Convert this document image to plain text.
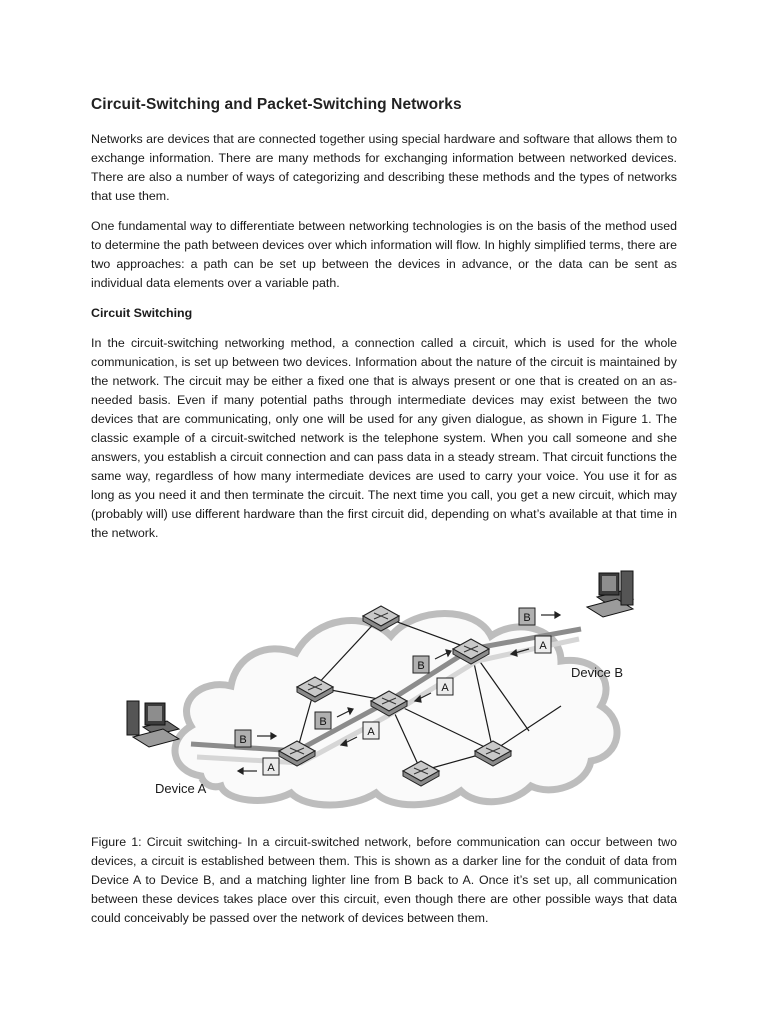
Circuit-Switching and Packet-Switching Networks

Networks are devices that are connected together using special hardware and software that allows them to exchange information. There are many methods for exchanging information between networked devices. There are also a number of ways of categorizing and describing these methods and the types of networks that use them.

One fundamental way to differentiate between networking technologies is on the basis of the method used to determine the path between devices over which information will flow. In highly simplified terms, there are two approaches: a path can be set up between the devices in advance, or the data can be sent as individual data elements over a variable path.

Circuit Switching

In the circuit-switching networking method, a connection called a circuit, which is used for the whole communication, is set up between two devices. Information about the nature of the circuit is maintained by the network. The circuit may be either a fixed one that is always present or one that is created on an as-needed basis. Even if many potential paths through intermediate devices may exist between the two devices that are communicating, only one will be used for any given dialogue, as shown in Figure 1. The classic example of a circuit-switched network is the telephone system. When you call someone and she answers, you establish a circuit connection and can pass data in a steady stream. That circuit functions the same way, regardless of how many intermediate devices are used to carry your voice. You use it for as long as you need it and then terminate the circuit. The next time you call, you get a new circuit, which may (probably will) use different hardware than the first circuit did, depending on what’s available at that time in the network.

B
B
B
B
A
A
A
A
Device A
Device B

Figure 1: Circuit switching- In a circuit-switched network, before communication can occur between two devices, a circuit is established between them. This is shown as a darker line for the conduit of data from Device A to Device B, and a matching lighter line from B back to A. Once it’s set up, all communication between these devices takes place over this circuit, even though there are other possible ways that data could conceivably be passed over the network of devices between them.
